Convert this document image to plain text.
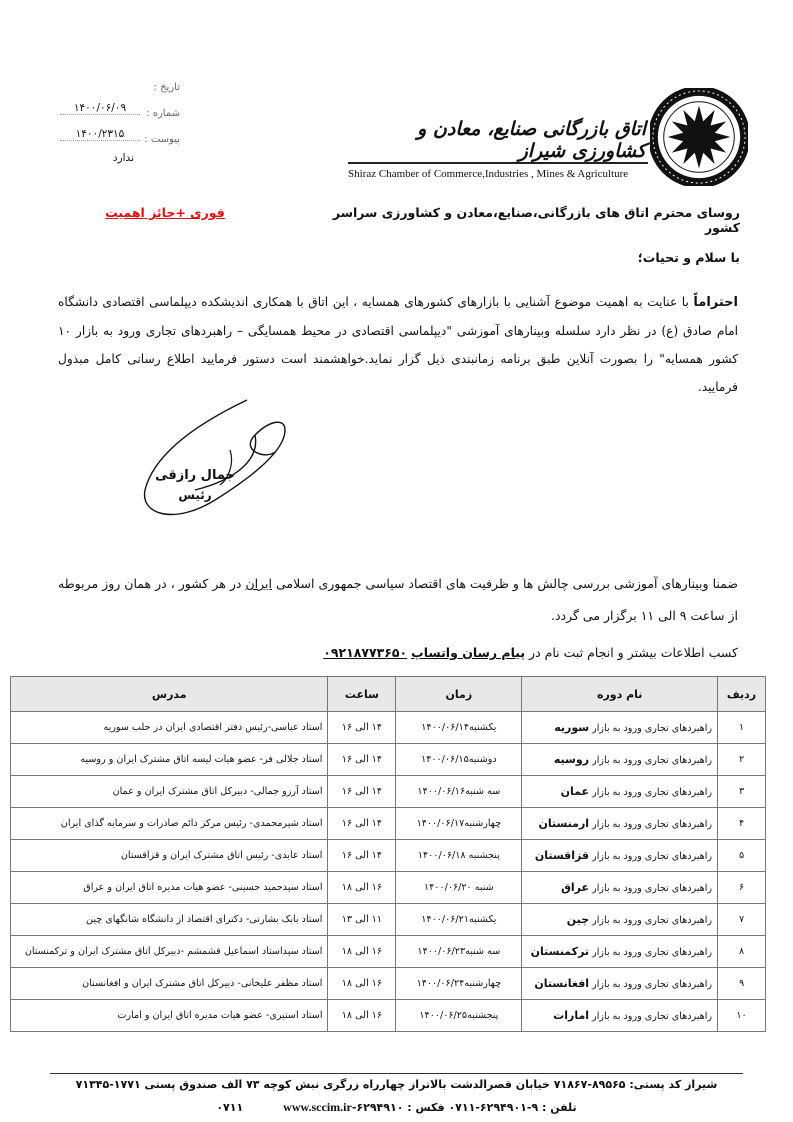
تاریخ :
۱۴۰۰/۰۶/۰۹	شماره :
۱۴۰۰/۲۳۱۵	پیوست :
ندارد
اتاق بازرگانی صنایع، معادن و کشاورزی شیراز
Shiraz Chamber of Commerce,Industries , Mines & Agriculture
روسای محترم اتاق های بازرگانی،صنایع،معادن و کشاورزی سراسر کشور
فوری +حائز اهمیت
با سلام و تحیات؛
احتراماً با عنایت به اهمیت موضوع آشنایی با بازارهای کشورهای همسایه ، این اتاق با همکاری اندیشکده دیپلماسی اقتصادی دانشگاه امام صادق (ع) در نظر دارد سلسله وبینارهای آموزشی "دیپلماسی اقتصادی در محیط همسایگی – راهبردهای تجاری ورود به بازار ۱۰ کشور همسایه" را بصورت آنلاین طبق برنامه زمانبندی ذیل گزار نماید.خواهشمند است دستور فرمایید اطلاع رسانی کامل مبذول فرمایید.
جمال رازقی
رئیس
ضمنا وبینارهای آموزشی بررسی چالش ها و ظرفیت های اقتصاد سیاسی جمهوری اسلامی ایران در هر کشور ، در همان روز مربوطه از ساعت ۹ الی ۱۱ برگزار می گردد.
کسب اطلاعات بیشتر و انجام ثبت نام در پیام رسان واتساپ ۰۹۲۱۸۷۷۳۶۵۰
ردیف	نام دوره	زمان	ساعت	مدرس
۱	راهبردهای تجاری ورود به بازار سوریه	یکشنبه۱۴۰۰/۰۶/۱۴	۱۴ الی ۱۶	استاد عباسی-رئیس دفتر اقتصادی ایران در حلب سوریه
۲	راهبردهای تجاری ورود به بازار روسیه	دوشنبه۱۴۰۰/۰۶/۱۵	۱۴ الی ۱۶	استاد جلالی فر- عضو هیات لیسه اتاق مشترک ایران و روسیه
۳	راهبردهای تجاری ورود به بازار عمان	سه شنبه۱۴۰۰/۰۶/۱۶	۱۴ الی ۱۶	استاد آرزو جمالی- دبیرکل اتاق مشترک ایران و عمان
۴	راهبردهای تجاری ورود به بازار ارمنستان	چهارشنبه۱۴۰۰/۰۶/۱۷	۱۴ الی ۱۶	استاد شیرمحمدی- رئیس مرکز دائم صادرات و سرمایه گذای ایران
۵	راهبردهای تجاری ورود به بازار قزاقستان	پنجشنبه ۱۴۰۰/۰۶/۱۸	۱۴ الی ۱۶	استاد عابدی- رئیس اتاق مشترک ایران و قزاقستان
۶	راهبردهای تجاری ورود به بازار عراق	شنبه ۱۴۰۰/۰۶/۲۰	۱۶ الی ۱۸	استاد سیدحمید حسینی- عضو هیات مدیره اتاق ایران و عراق
۷	راهبردهای تجاری ورود به بازار چین	یکشنبه۱۴۰۰/۰۶/۲۱	۱۱ الی ۱۳	استاد بابک بشارتی- دکترای اقتصاد از دانشگاه شانگهای چین
۸	راهبردهای تجاری ورود به بازار ترکمنستان	سه شنبه۱۴۰۰/۰۶/۲۳	۱۶ الی ۱۸	استاد سیداستاد اسماعیل قشمشم -دبیرکل اتاق مشترک ایران و ترکمنستان
۹	راهبردهای تجاری ورود به بازار افغانستان	چهارشنبه۱۴۰۰/۰۶/۲۴	۱۶ الی ۱۸	استاد مظفر علیخانی- دبیرکل اتاق مشترک ایران و افغانستان
۱۰	راهبردهای تجاری ورود به بازار امارات	پنجشنبه۱۴۰۰/۰۶/۲۵	۱۶ الی ۱۸	استاد استیری- عضو هیات مدیره اتاق ایران و امارت
شیراز کد پستی: ۸۹۵۶۵-۷۱۸۶۷ خیابان قصرالدشت بالاتراز چهارراه زرگری نبش کوچه ۷۳ الف صندوق پستی ۱۷۷۱-۷۱۳۴۵
تلفن : ۹-۶۲۹۴۹۰۱-۰۷۱۱ فکس : ۶۲۹۴۹۱۰-۰۷۱۱www.sccim.ir
